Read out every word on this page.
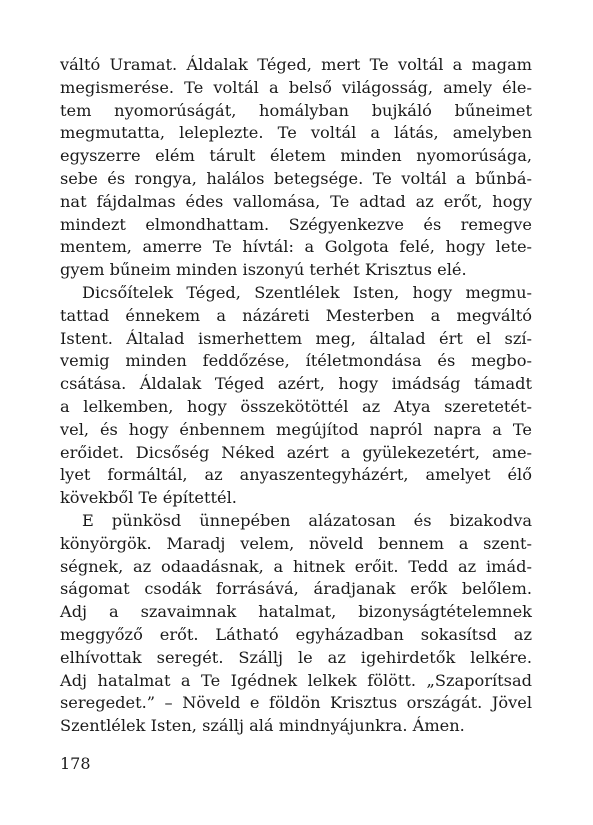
váltó Uramat. Áldalak Téged, mert Te voltál a magam
megismerése. Te voltál a belső világosság, amely éle-
tem nyomorúságát, homályban bujkáló bűneimet
megmutatta, leleplezte. Te voltál a látás, amelyben
egyszerre elém tárult életem minden nyomorúsága,
sebe és rongya, halálos betegsége. Te voltál a bűnbá-
nat fájdalmas édes vallomása, Te adtad az erőt, hogy
mindezt elmondhattam. Szégyenkezve és remegve
mentem, amerre Te hívtál: a Golgota felé, hogy lete-
gyem bűneim minden iszonyú terhét Krisztus elé.
Dicsőítelek Téged, Szentlélek Isten, hogy megmu-
tattad énnekem a názáreti Mesterben a megváltó
Istent. Általad ismerhettem meg, általad ért el szí-
vemig minden feddőzése, ítéletmondása és megbo-
csátása. Áldalak Téged azért, hogy imádság támadt
a lelkemben, hogy összekötöttél az Atya szeretetét-
vel, és hogy énbennem megújítod napról napra a Te
erőidet. Dicsőség Néked azért a gyülekezetért, ame-
lyet formáltál, az anyaszentegyházért, amelyet élő
kövekből Te építettél.
E pünkösd ünnepében alázatosan és bizakodva
könyörgök. Maradj velem, növeld bennem a szent-
ségnek, az odaadásnak, a hitnek erőit. Tedd az imád-
ságomat csodák forrásává, áradjanak erők belőlem.
Adj a szavaimnak hatalmat, bizonyságtételemnek
meggyőző erőt. Látható egyházadban sokasítsd az
elhívottak seregét. Szállj le az igehirdetők lelkére.
Adj hatalmat a Te Igédnek lelkek fölött. „Szaporítsad
seregedet.” – Növeld e földön Krisztus országát. Jövel
Szentlélek Isten, szállj alá mindnyájunkra. Ámen.
178
